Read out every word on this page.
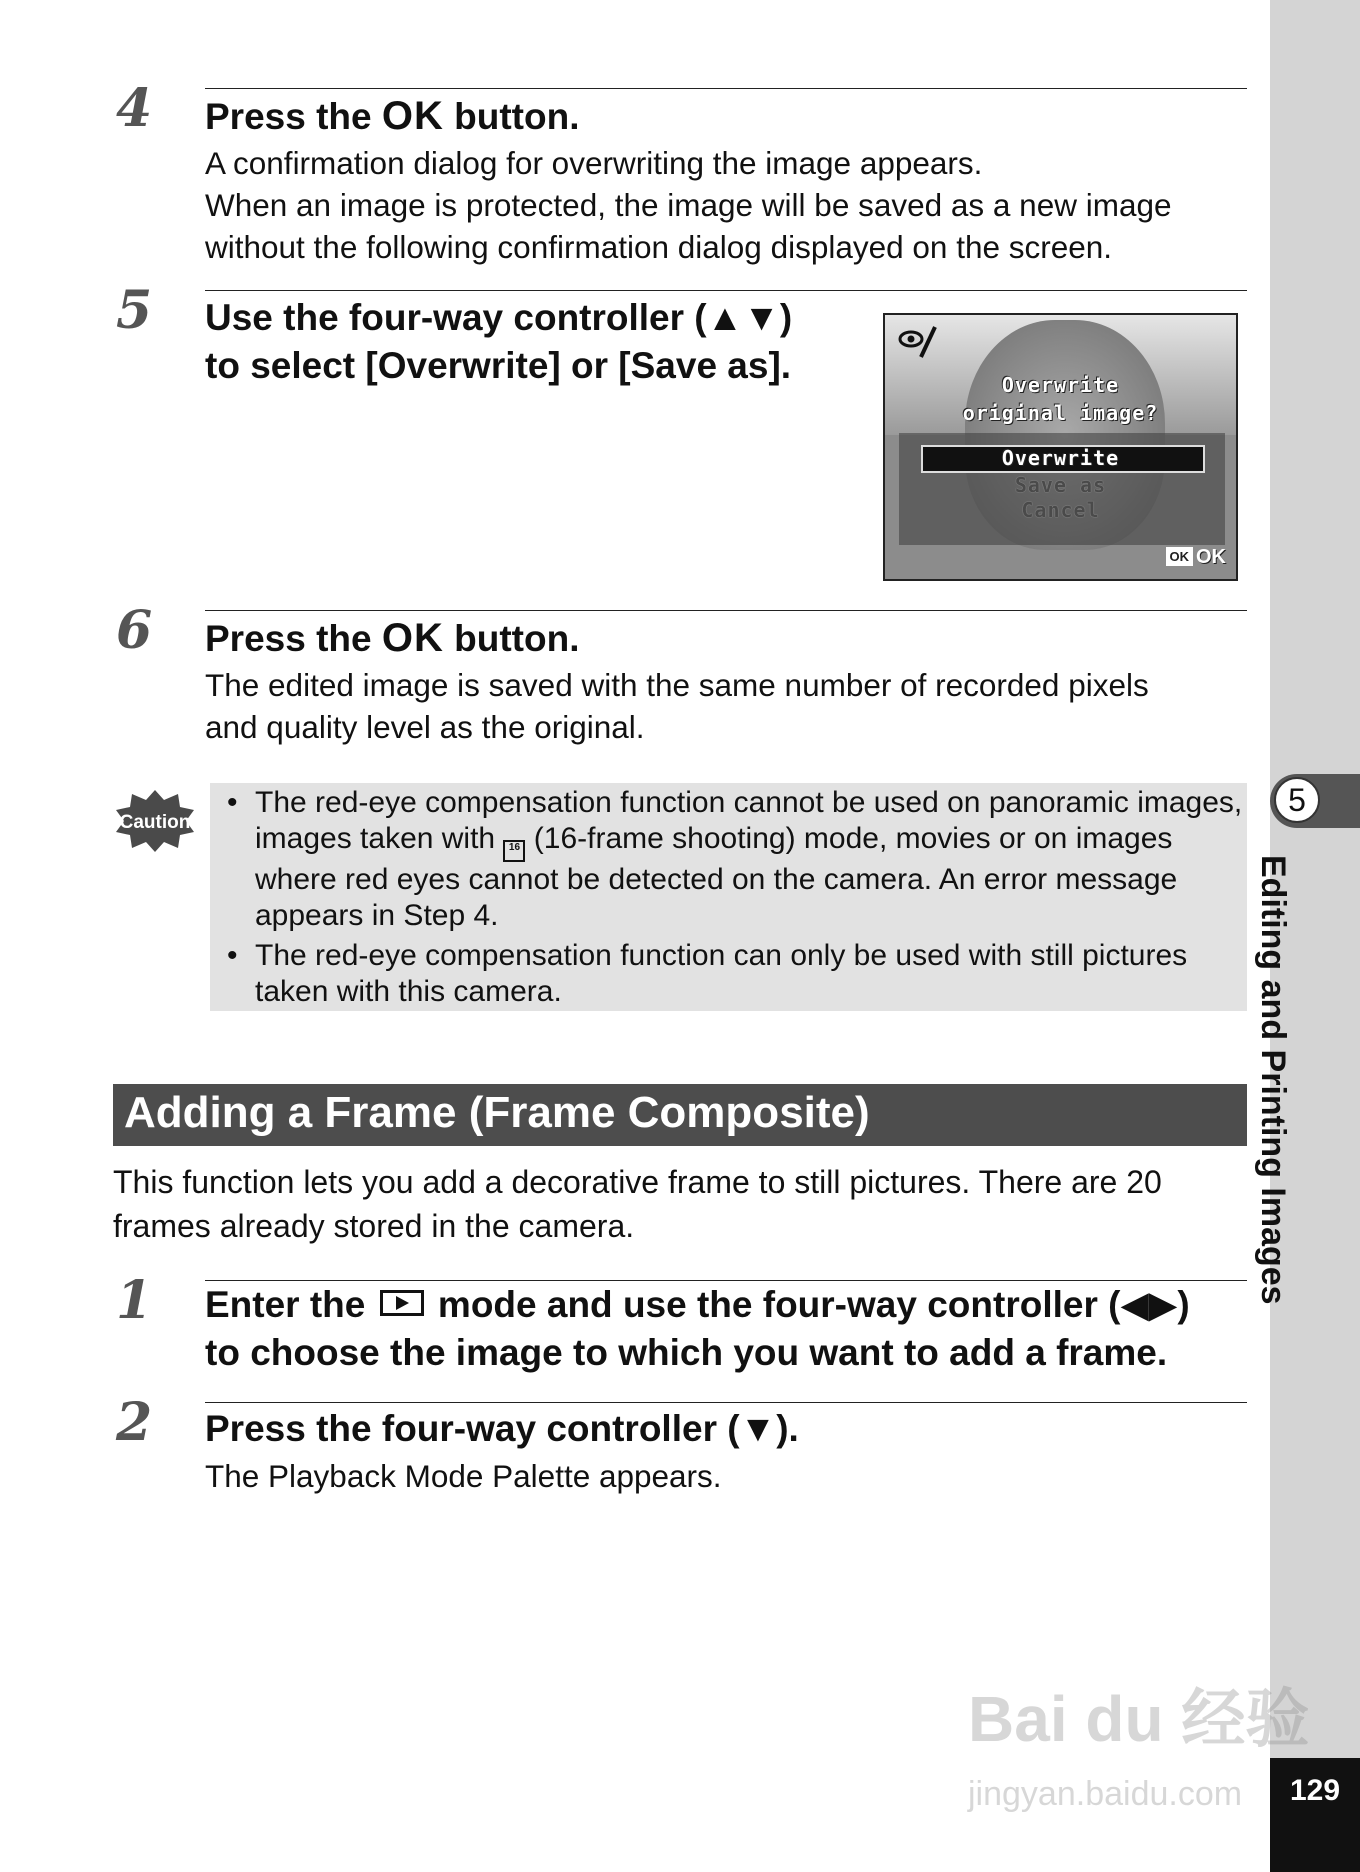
5
Editing and Printing Images
129
4 Press the OK button.
A confirmation dialog for overwriting the image appears.
When an image is protected, the image will be saved as a new image
without the following confirmation dialog displayed on the screen.
5 Use the four-way controller (▲▼)
to select [Overwrite] or [Save as].	Overwrite
original image?
Overwrite
Save as
Cancel
OK OK
6 Press the OK button.
The edited image is saved with the same number of recorded pixels
and quality level as the original.
Caution
• The red-eye compensation function cannot be used on panoramic images, images taken with 16 (16-frame shooting) mode, movies or on images where red eyes cannot be detected on the camera. An error message appears in Step 4.
• The red-eye compensation function can only be used with still pictures taken with this camera.
Adding a Frame (Frame Composite)
This function lets you add a decorative frame to still pictures. There are 20 frames already stored in the camera.
1 Enter the  mode and use the four-way controller (◀▶)
to choose the image to which you want to add a frame.
2 Press the four-way controller (▼).
The Playback Mode Palette appears.
Bai du 经验
jingyan.baidu.com
